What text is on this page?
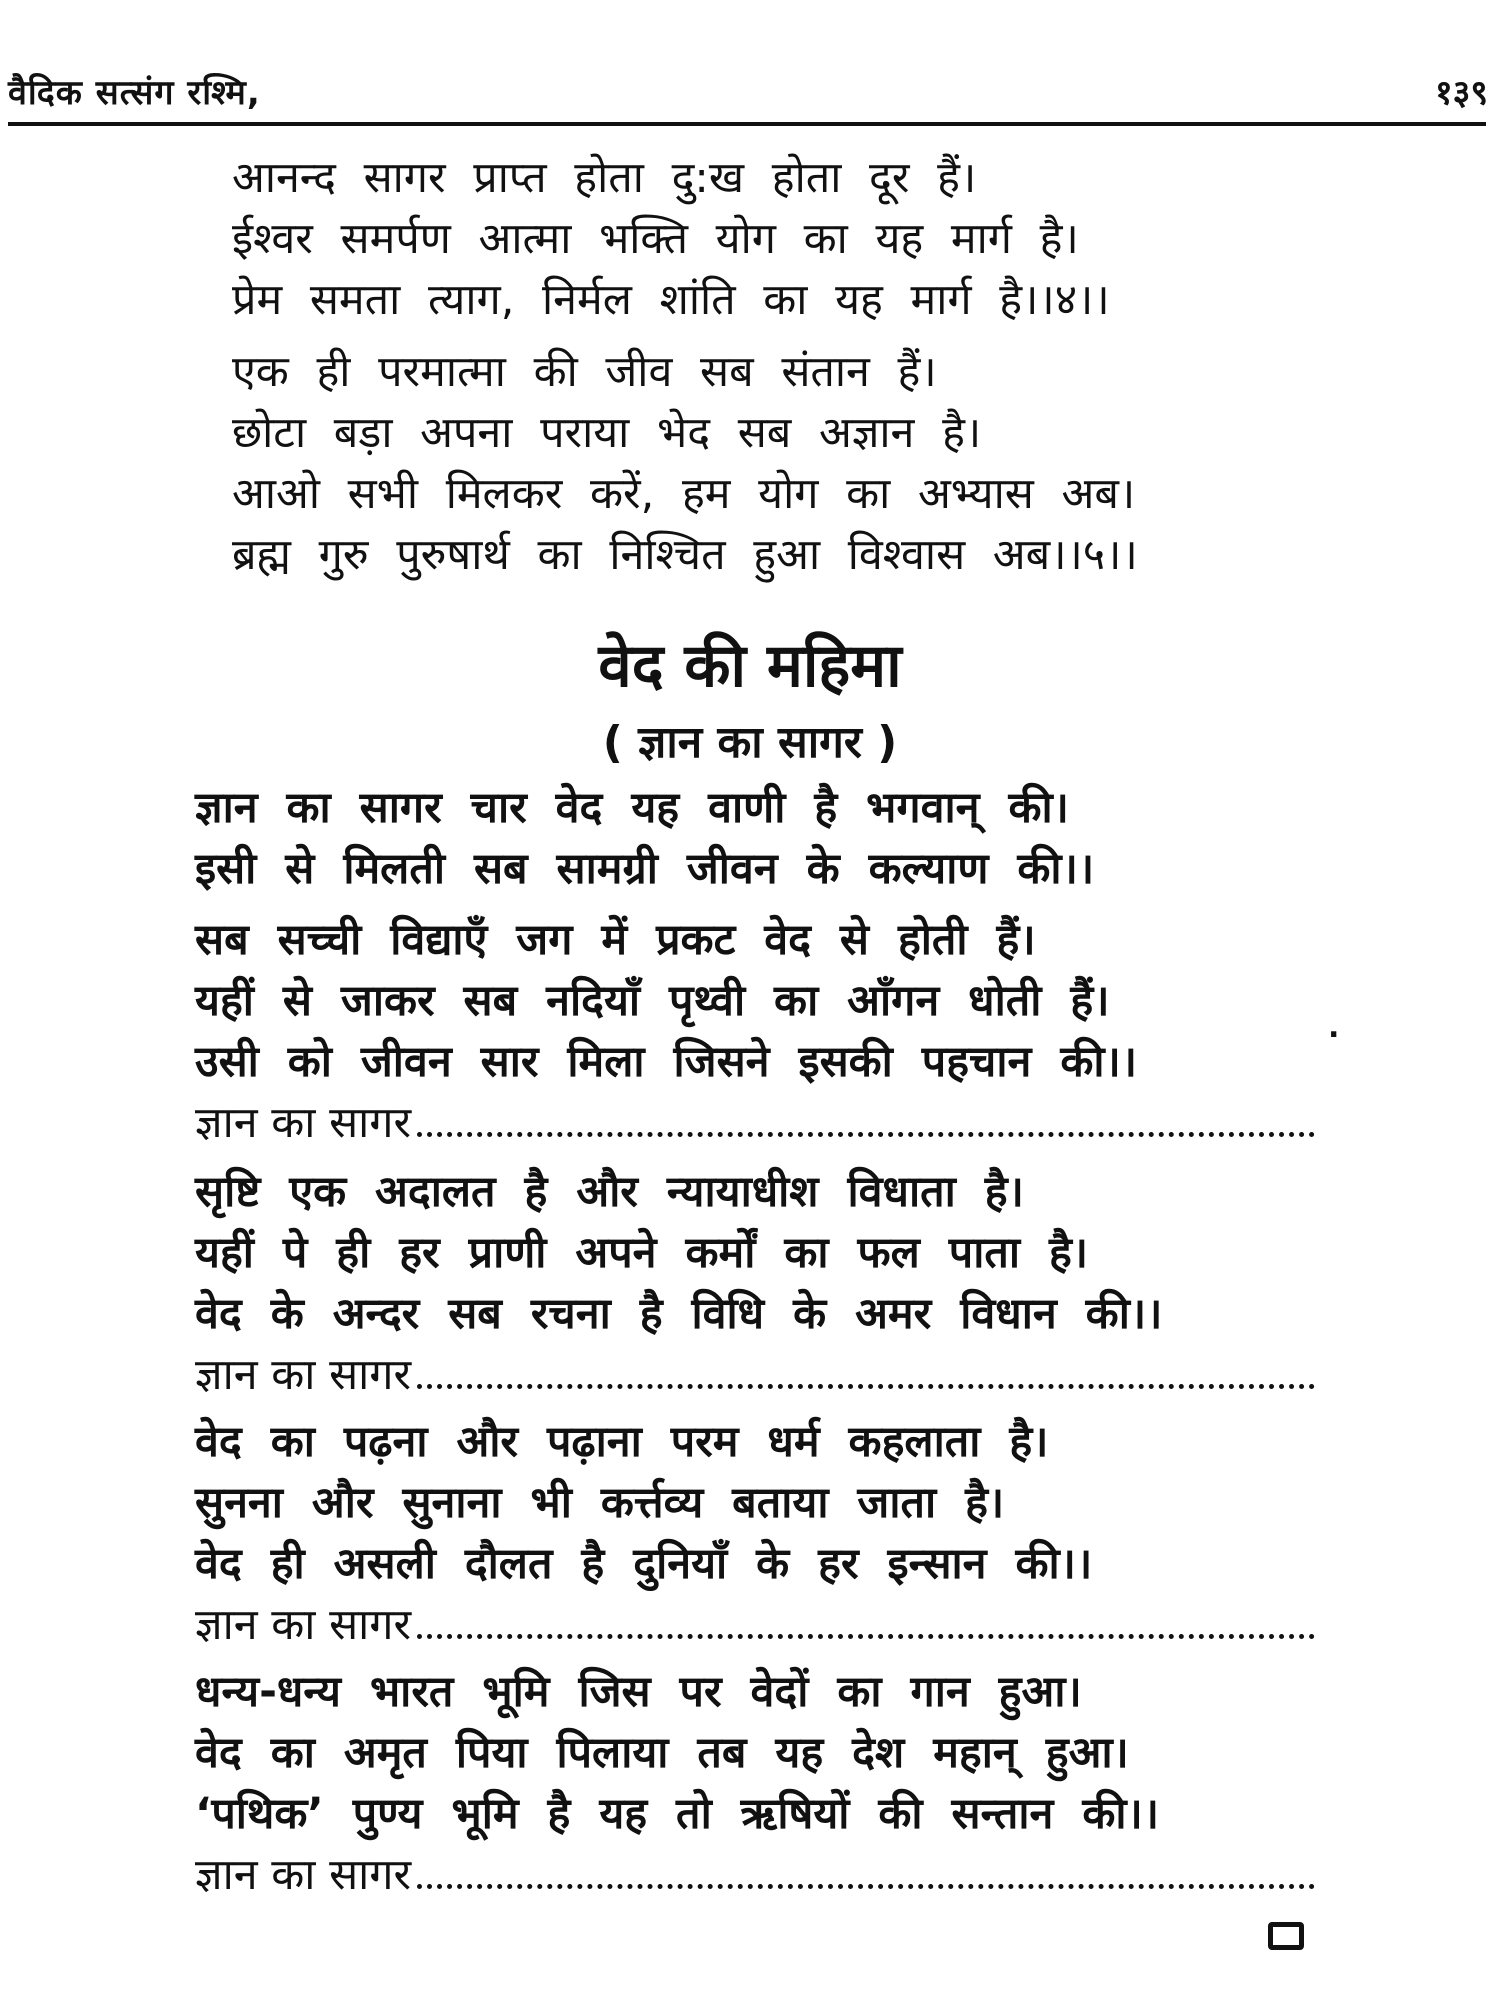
वैदिक सत्संग रश्मि,	१३९
आनन्द सागर प्राप्त होता दु:ख होता दूर हैं।
ईश्वर समर्पण आत्मा भक्ति योग का यह मार्ग है।
प्रेम समता त्याग, निर्मल शांति का यह मार्ग है।।४।।
एक ही परमात्मा की जीव सब संतान हैं।
छोटा बड़ा अपना पराया भेद सब अज्ञान है।
आओ सभी मिलकर करें, हम योग का अभ्यास अब।
ब्रह्म गुरु पुरुषार्थ का निश्चित हुआ विश्वास अब।।५।।
वेद की महिमा
( ज्ञान का सागर )
ज्ञान का सागर चार वेद यह वाणी है भगवान् की।
इसी से मिलती सब सामग्री जीवन के कल्याण की।।
सब सच्ची विद्याएँ जग में प्रकट वेद से होती हैं।
यहीं से जाकर सब नदियाँ पृथ्वी का आँगन धोती हैं।
उसी को जीवन सार मिला जिसने इसकी पहचान की।।
ज्ञान का सागर
.
सृष्टि एक अदालत है और न्यायाधीश विधाता है।
यहीं पे ही हर प्राणी अपने कर्मों का फल पाता है।
वेद के अन्दर सब रचना है विधि के अमर विधान की।।
ज्ञान का सागर
वेद का पढ़ना और पढ़ाना परम धर्म कहलाता है।
सुनना और सुनाना भी कर्त्तव्य बताया जाता है।
वेद ही असली दौलत है दुनियाँ के हर इन्सान की।।
ज्ञान का सागर
धन्य-धन्य भारत भूमि जिस पर वेदों का गान हुआ।
वेद का अमृत पिया पिलाया तब यह देश महान् हुआ।
‘पथिक’ पुण्य भूमि है यह तो ऋषियों की सन्तान की।।
ज्ञान का सागर
